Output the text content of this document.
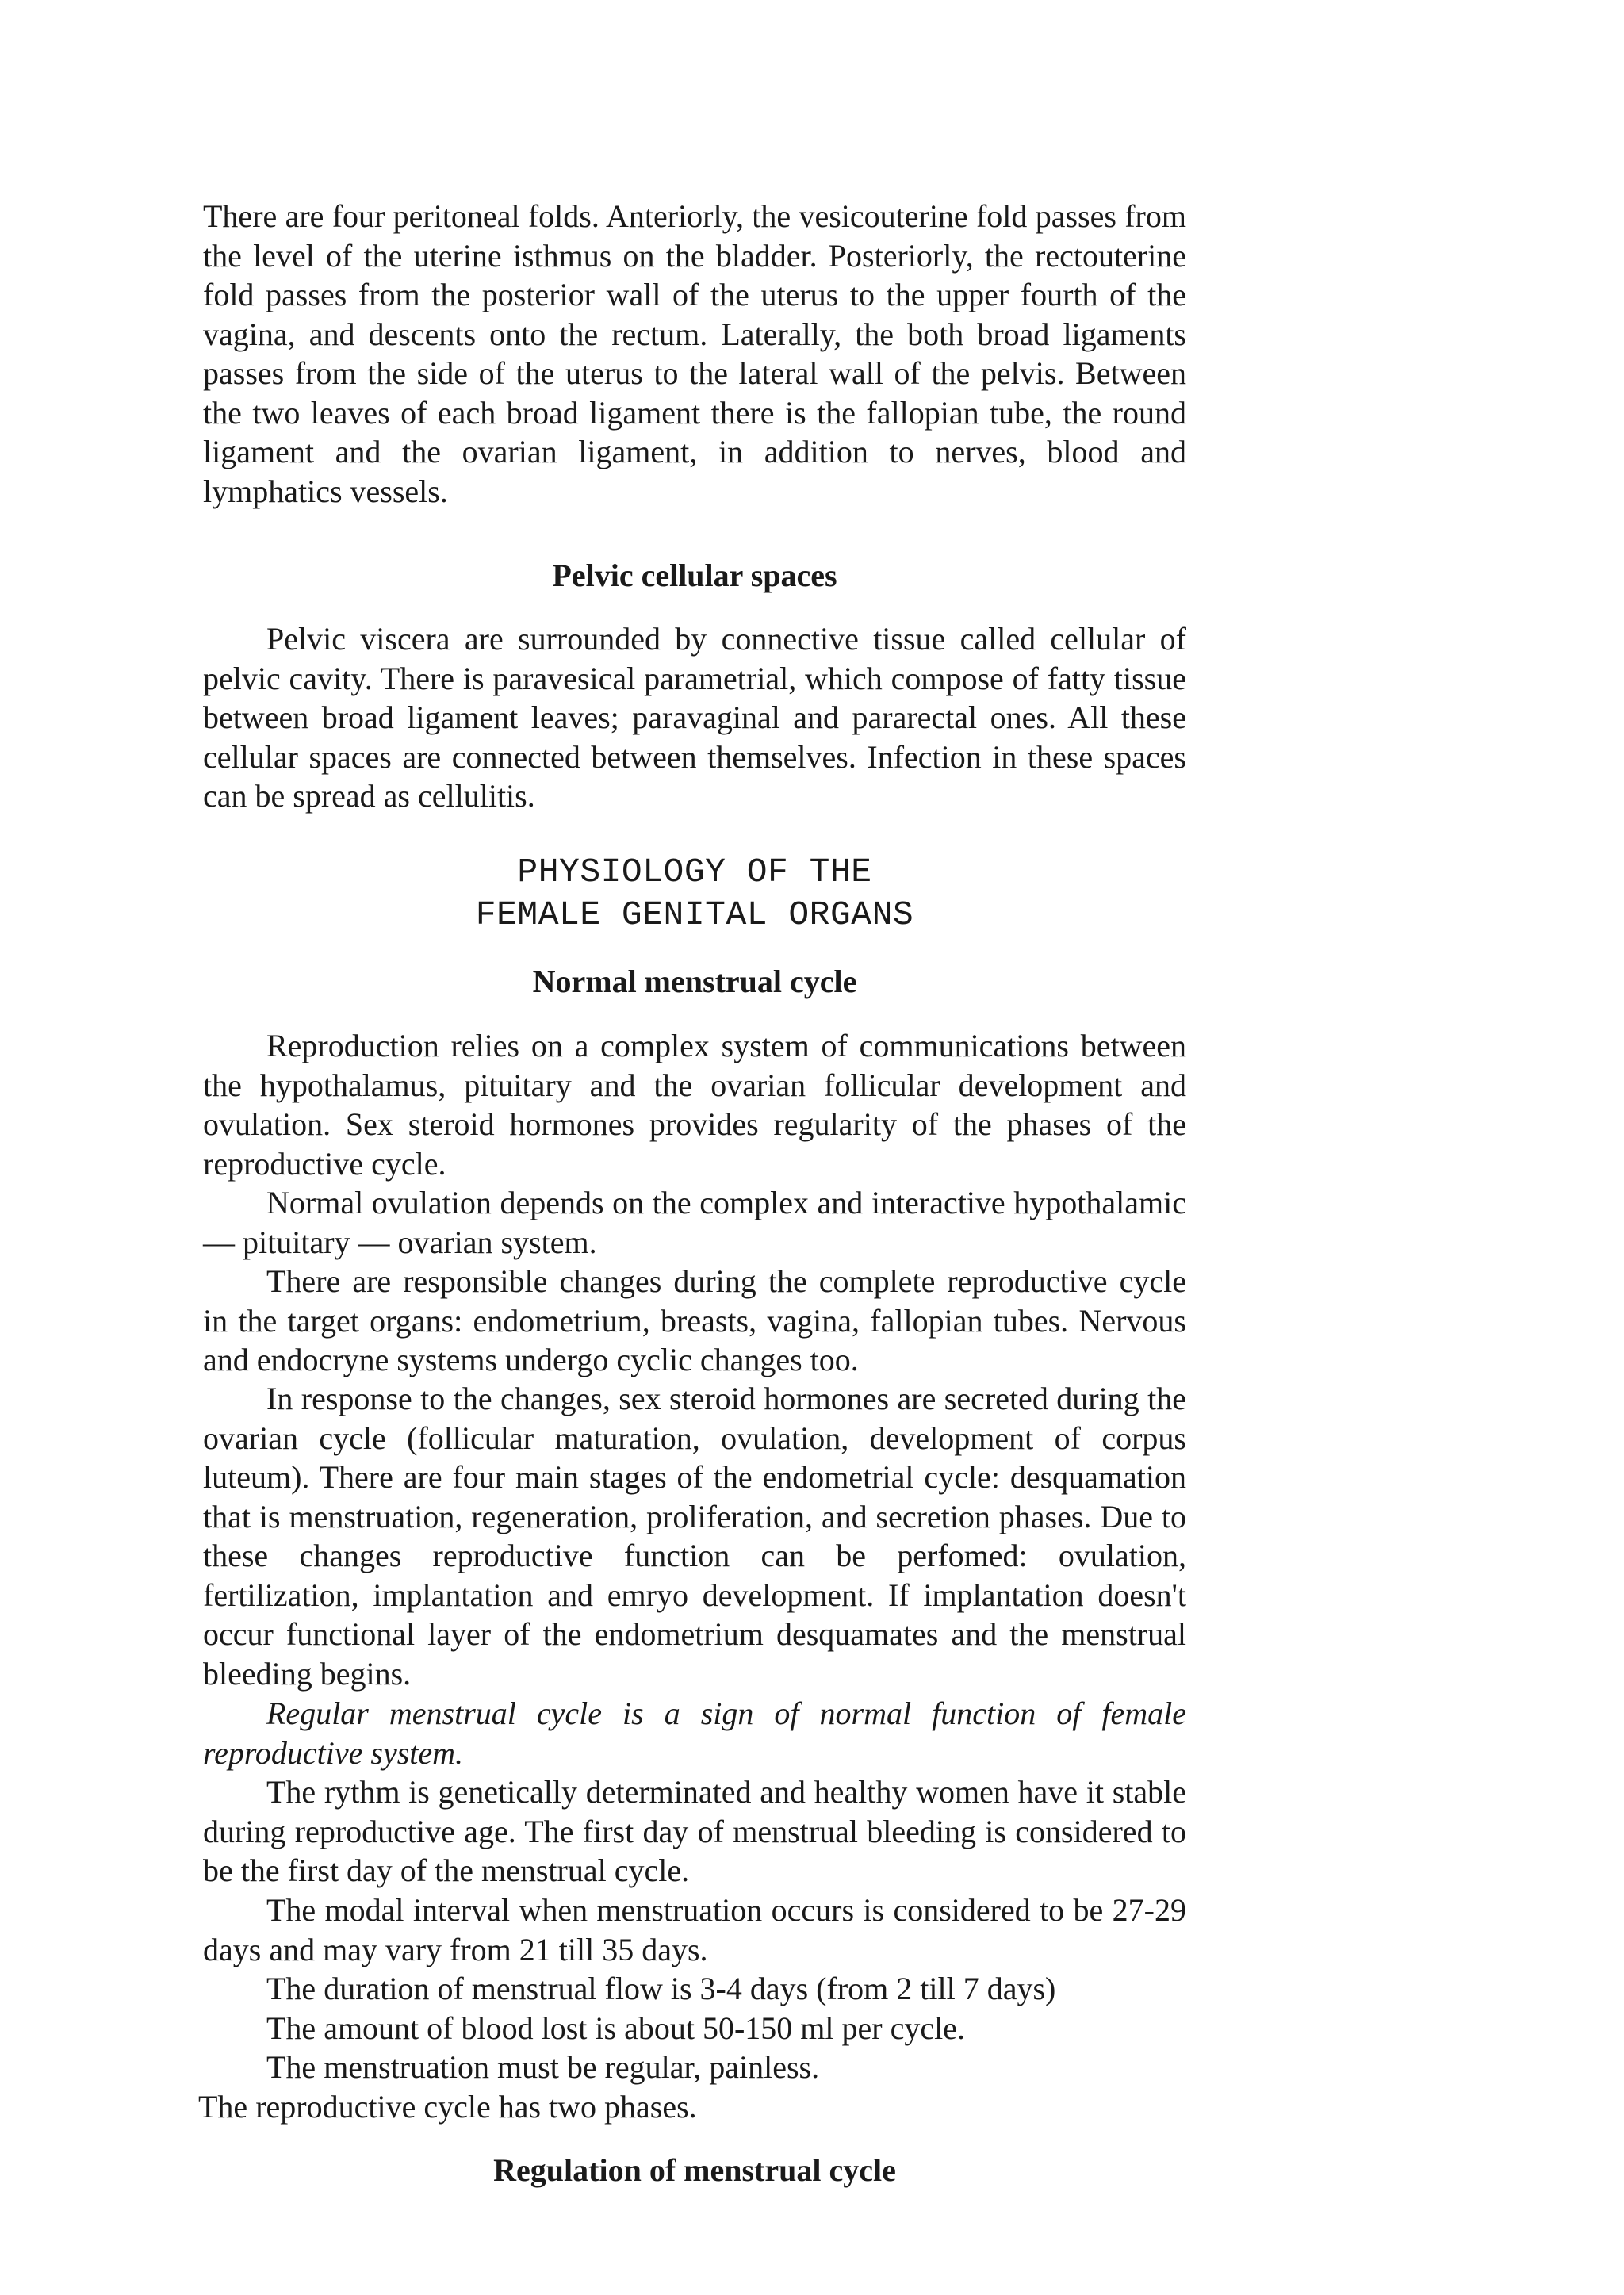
There are four peritoneal folds. Anteriorly, the vesicouterine fold passes from the level of the uterine isthmus on the bladder. Posteriorly, the rectouterine fold passes from the posterior wall of the uterus to the upper fourth of the vagina, and descents onto the rectum. Laterally, the both broad ligaments passes from the side of the uterus to the lateral wall of the pelvis. Between the two leaves of each broad ligament there is the fallopian tube, the round ligament and the ovarian ligament, in addition to nerves, blood and lymphatics vessels.

Pelvic cellular spaces

Pelvic viscera are surrounded by connective tissue called cellular of pelvic cavity. There is paravesical parametrial, which compose of fatty tissue between broad ligament leaves; paravaginal and pararectal ones. All these cellular spaces are connected between themselves. Infection in these spaces can be spread as cellulitis.

PHYSIOLOGY OF THE
FEMALE GENITAL ORGANS

Normal menstrual cycle

Reproduction relies on a complex system of communications between the hypothalamus, pituitary and the ovarian follicular development and ovulation. Sex steroid hormones provides regularity of the phases of the reproductive cycle.

Normal ovulation depends on the complex and interactive hypothalamic — pituitary — ovarian system.

There are responsible changes during the complete reproductive cycle in the target organs: endometrium, breasts, vagina, fallopian tubes. Nervous and endocryne systems undergo cyclic changes too.

In response to the changes, sex steroid hormones are secreted during the ovarian cycle (follicular maturation, ovulation, development of corpus luteum). There are four main stages of the endometrial cycle: desquamation that is menstruation, regeneration, proliferation, and secretion phases. Due to these changes reproductive function can be perfomed: ovulation, fertilization, implantation and emryo development. If implantation doesn't occur functional layer of the endometrium desquamates and the menstrual bleeding begins.

Regular menstrual cycle is a sign of normal function of female reproductive system.

The rythm is genetically determinated and healthy women have it stable during reproductive age. The first day of menstrual bleeding is considered to be the first day of the menstrual cycle.

The modal interval when menstruation occurs is considered to be 27-29 days and may vary from 21 till 35 days.

The duration of menstrual flow is 3-4 days (from 2 till 7 days)

The amount of blood lost is about 50-150 ml per cycle.

The menstruation must be regular, painless.

The reproductive cycle has two phases.

Regulation of menstrual cycle
